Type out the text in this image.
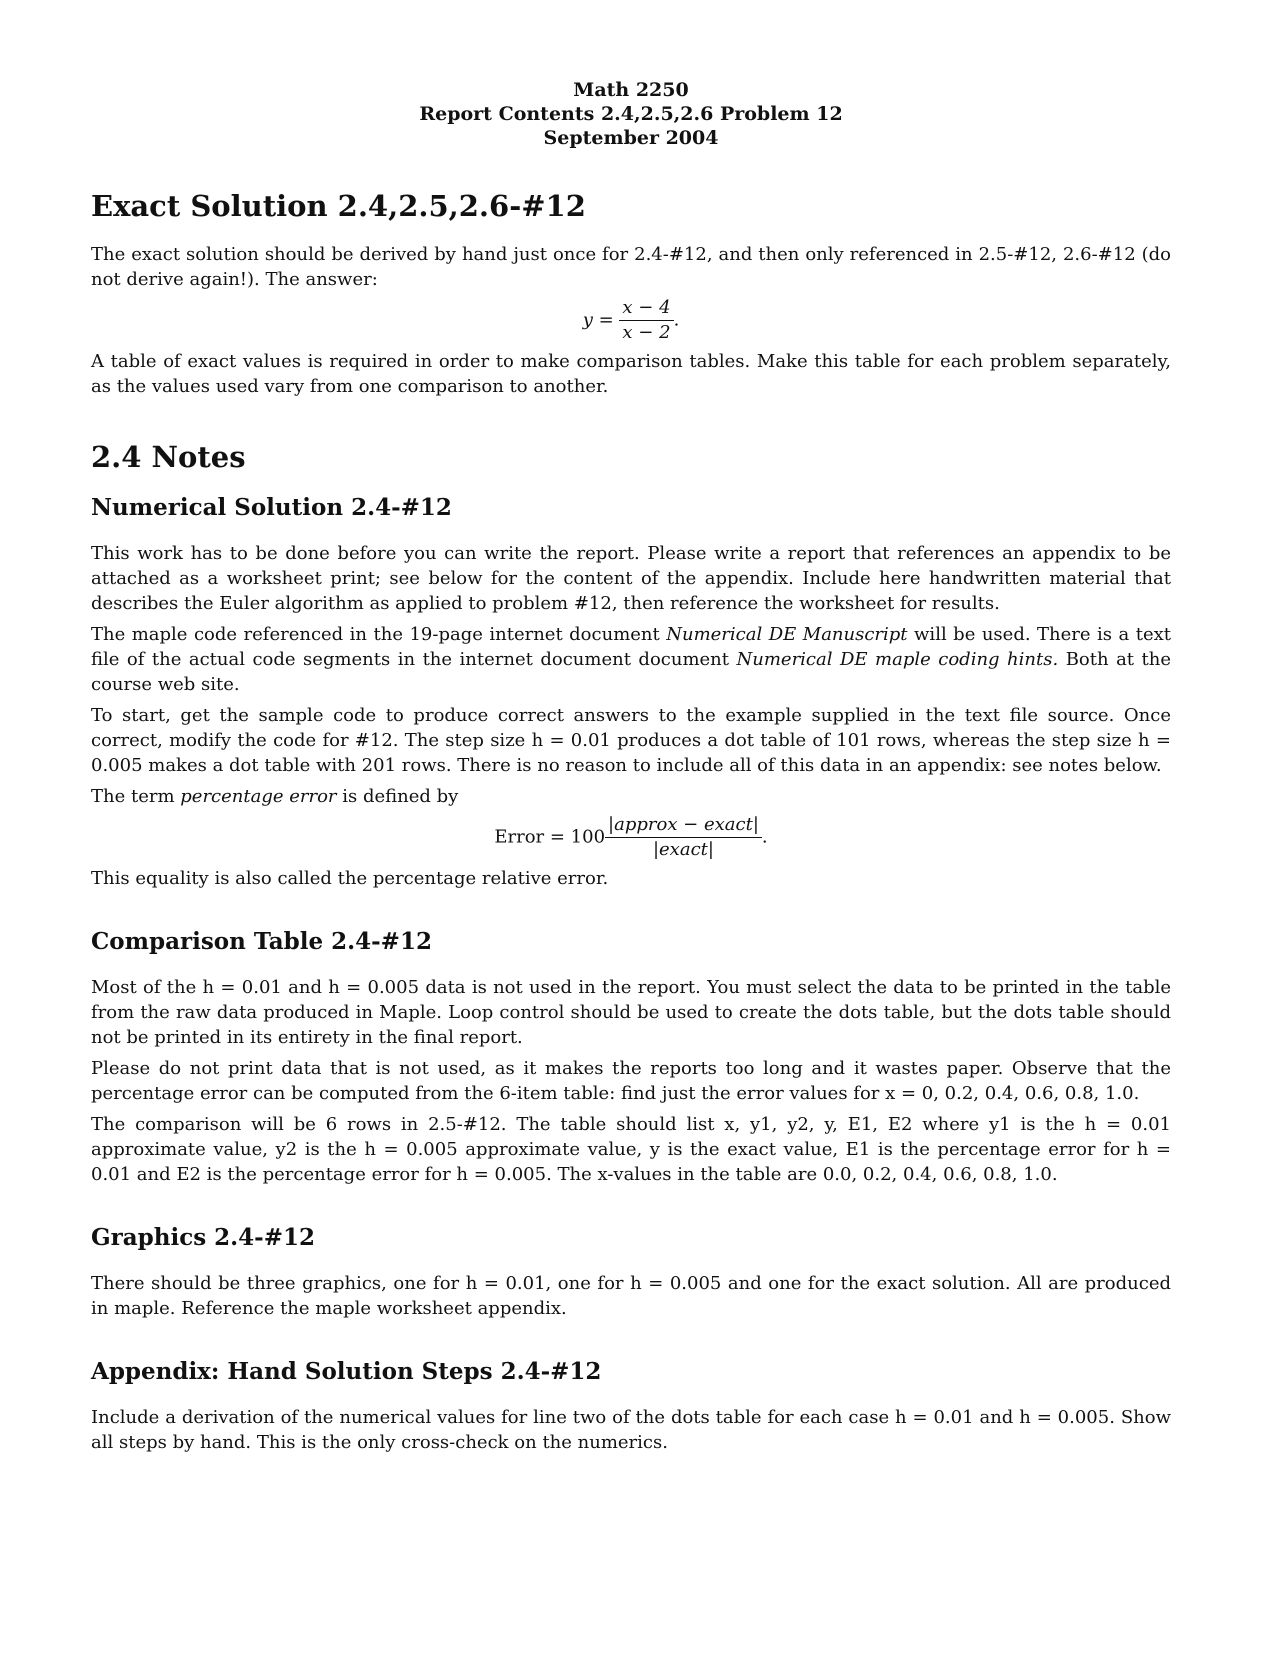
Math 2250
Report Contents 2.4,2.5,2.6 Problem 12
September 2004
Exact Solution 2.4,2.5,2.6-#12

The exact solution should be derived by hand just once for 2.4-#12, and then only referenced in 2.5-#12, 2.6-#12 (do not derive again!). The answer:

$y = \frac{x - 4}{x - 2}$ .

A table of exact values is required in order to make comparison tables. Make this table for each problem separately, as the values used vary from one comparison to another.

2.4 Notes
Numerical Solution 2.4-#12

This work has to be done before you can write the report. Please write a report that references an appendix to be attached as a worksheet print; see below for the content of the appendix. Include here handwritten material that describes the Euler algorithm as applied to problem #12, then reference the worksheet for results.

The maple code referenced in the 19-page internet document Numerical DE Manuscript will be used. There is a text file of the actual code segments in the internet document document Numerical DE maple coding hints. Both at the course web site.

To start, get the sample code to produce correct answers to the example supplied in the text file source. Once correct, modify the code for #12. The step size h = 0.01 produces a dot table of 101 rows, whereas the step size h = 0.005 makes a dot table with 201 rows. There is no reason to include all of this data in an appendix: see notes below.

The term percentage error is defined by

Error = $100 \frac{\text{|approx − exact|}}{\text{|exact|}}$ .

This equality is also called the percentage relative error.

Comparison Table 2.4-#12

Most of the h = 0.01 and h = 0.005 data is not used in the report. You must select the data to be printed in the table from the raw data produced in Maple. Loop control should be used to create the dots table, but the dots table should not be printed in its entirety in the final report.

Please do not print data that is not used, as it makes the reports too long and it wastes paper. Observe that the percentage error can be computed from the 6-item table: find just the error values for x = 0, 0.2, 0.4, 0.6, 0.8, 1.0.

The comparison will be 6 rows in 2.5-#12. The table should list x, y1, y2, y, E1, E2 where y1 is the h = 0.01 approximate value, y2 is the h = 0.005 approximate value, y is the exact value, E1 is the percentage error for h = 0.01 and E2 is the percentage error for h = 0.005. The x-values in the table are 0.0, 0.2, 0.4, 0.6, 0.8, 1.0.

Graphics 2.4-#12

There should be three graphics, one for h = 0.01, one for h = 0.005 and one for the exact solution. All are produced in maple. Reference the maple worksheet appendix.

Appendix: Hand Solution Steps 2.4-#12

Include a derivation of the numerical values for line two of the dots table for each case h = 0.01 and h = 0.005. Show all steps by hand. This is the only cross-check on the numerics.
